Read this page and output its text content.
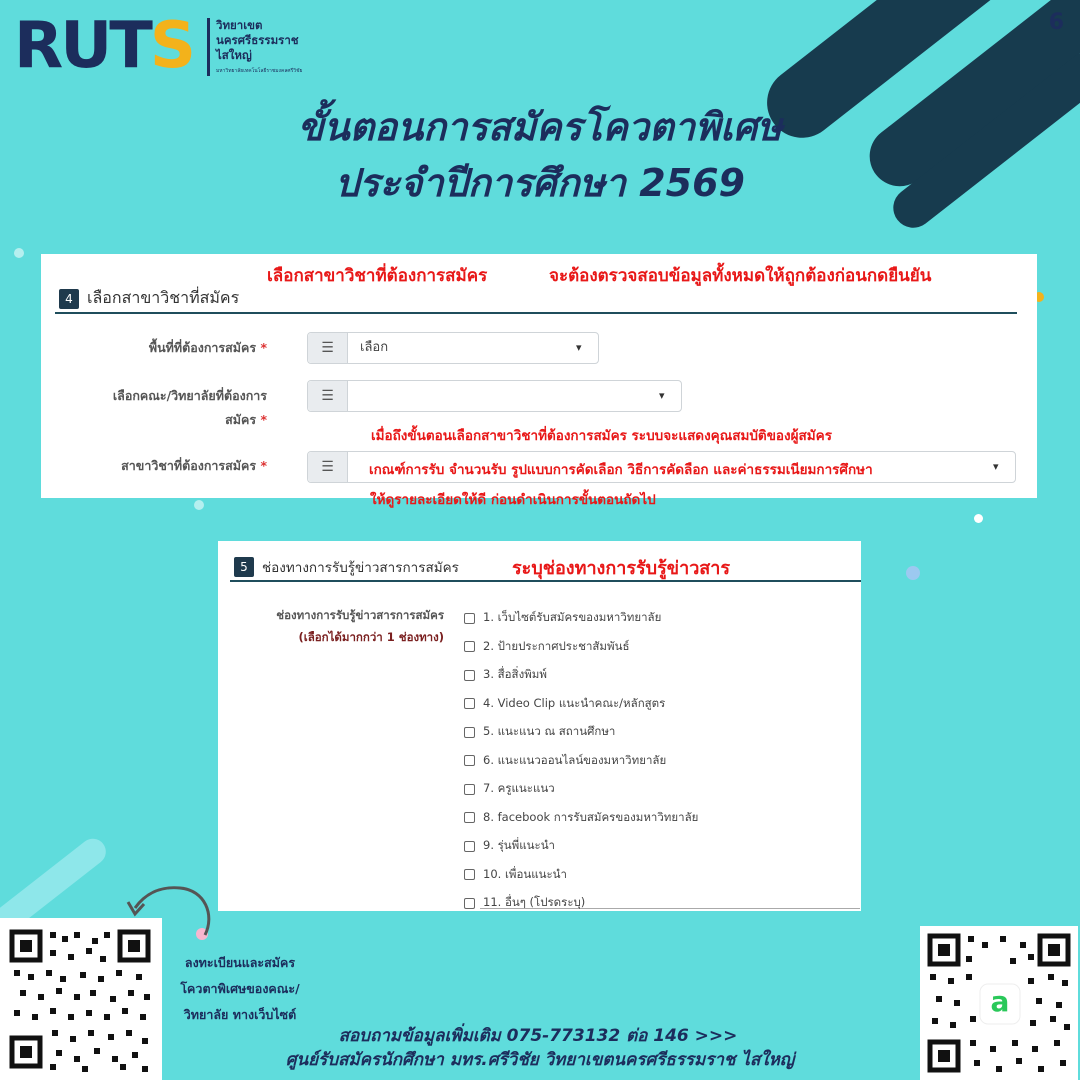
RUTS วิทยาเขต
นครศรีธรรมราช
ไสใหญ่
มหาวิทยาลัยเทคโนโลยีราชมงคลศรีวิชัย
6
ขั้นตอนการสมัครโควตาพิเศษ
ประจำปีการศึกษา 2569
เลือกสาขาวิชาที่ต้องการสมัคร	จะต้องตรวจสอบข้อมูลทั้งหมดให้ถูกต้องก่อนกดยืนยัน
4 เลือกสาขาวิชาที่สมัคร
พื้นที่ที่ต้องการสมัคร *	☰	เลือก	▾
เลือกคณะ/วิทยาลัยที่ต้องการ
สมัคร *
☰	▾
เมื่อถึงขั้นตอนเลือกสาขาวิชาที่ต้องการสมัคร ระบบจะแสดงคุณสมบัติของผู้สมัคร
สาขาวิชาที่ต้องการสมัคร *	☰	▾
เกณฑ์การรับ จำนวนรับ รูปแบบการคัดเลือก วิธีการคัดลือก และค่าธรรมเนียมการศึกษา
ให้ดูรายละเอียดให้ดี ก่อนดำเนินการขั้นตอนถัดไป
5	ช่องทางการรับรู้ข่าวสารการสมัคร	ระบุช่องทางการรับรู้ข่าวสาร
ช่องทางการรับรู้ข่าวสารการสมัคร
(เลือกได้มากกว่า 1 ช่องทาง)
1. เว็บไซต์รับสมัครของมหาวิทยาลัย
2. ป้ายประกาศประชาสัมพันธ์
3. สื่อสิ่งพิมพ์
4. Video Clip แนะนำคณะ/หลักสูตร
5. แนะแนว ณ สถานศึกษา
6. แนะแนวออนไลน์ของมหาวิทยาลัย
7. ครูแนะแนว
8. facebook การรับสมัครของมหาวิทยาลัย
9. รุ่นพี่แนะนำ
10. เพื่อนแนะนำ
11. อื่นๆ (โปรดระบุ)
ลงทะเบียนและสมัคร
โควตาพิเศษของคณะ/
วิทยาลัย ทางเว็บไซต์	a
สอบถามข้อมูลเพิ่มเติม 075-773132 ต่อ 146 >>>
ศูนย์รับสมัครนักศึกษา มทร.ศรีวิชัย วิทยาเขตนครศรีธรรมราช ไสใหญ่
